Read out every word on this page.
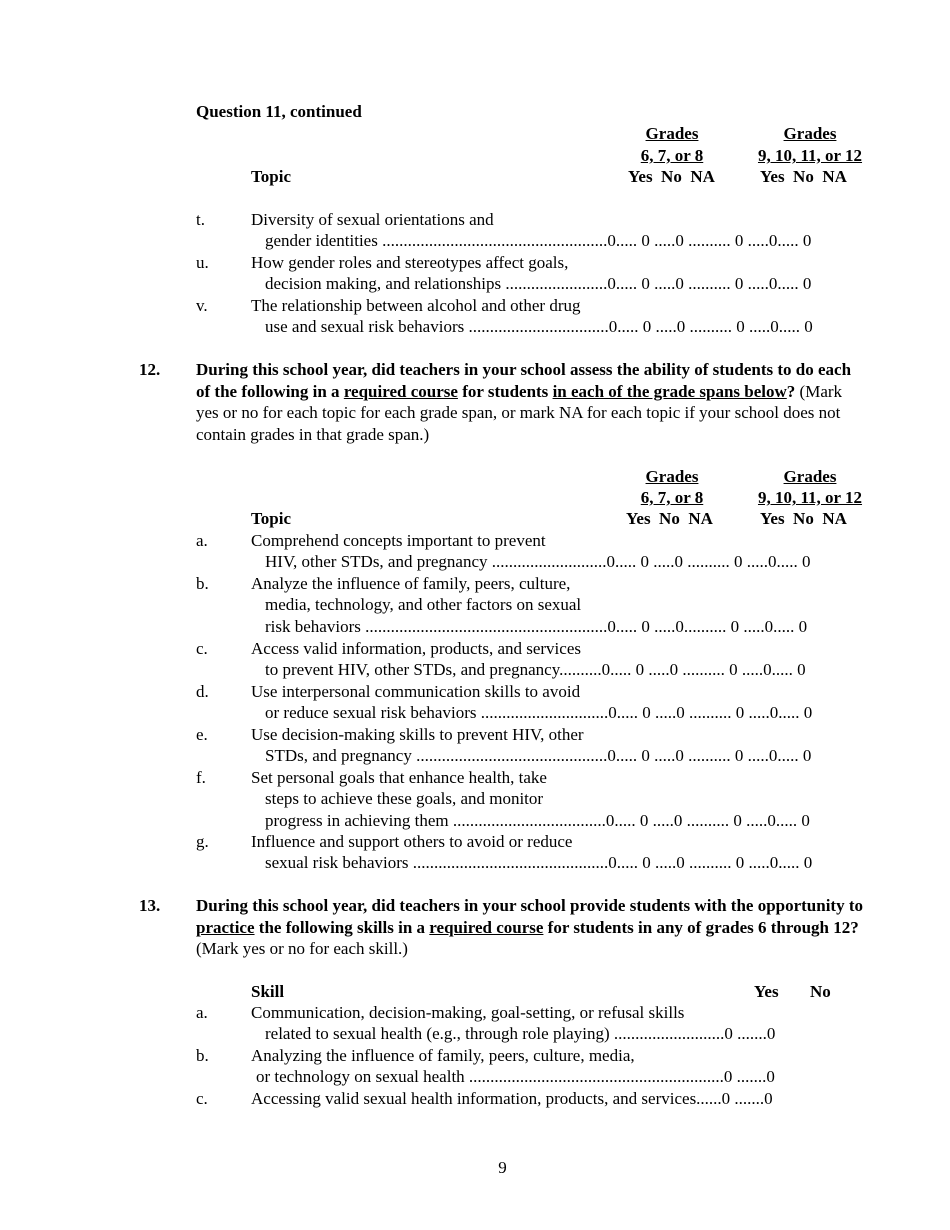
Question 11, continued
Grades
6, 7, or 8
Grades
9, 10, 11, or 12
Topic	Yes  No  NA	Yes  No  NA
t.	Diversity of sexual orientations and
gender identities .....................................................0..... 0 .....0 .......... 0 .....0..... 0
u. How gender roles and stereotypes affect goals,
decision making, and relationships ........................0..... 0 .....0 .......... 0 .....0..... 0
v.	The relationship between alcohol and other drug
use and sexual risk behaviors .................................0..... 0 .....0 .......... 0 .....0..... 0
12. During this school year, did teachers in your school assess the ability of students to do each of the following in a required course for students in each of the grade spans below? (Mark yes or no for each topic for each grade span, or mark NA for each topic if your school does not contain grades in that grade span.)
Grades
6, 7, or 8
Grades
9, 10, 11, or 12
Topic	Yes  No  NA	Yes  No  NA
a.	Comprehend concepts important to prevent
HIV, other STDs, and pregnancy ...........................0..... 0 .....0 .......... 0 .....0..... 0
b. Analyze the influence of family, peers, culture,
media, technology, and other factors on sexual
risk behaviors .........................................................0..... 0 .....0.......... 0 .....0..... 0
c.	Access valid information, products, and services
to prevent HIV, other STDs, and pregnancy..........0..... 0 .....0 .......... 0 .....0..... 0
d. Use interpersonal communication skills to avoid
or reduce sexual risk behaviors ..............................0..... 0 .....0 .......... 0 .....0..... 0
e.	Use decision-making skills to prevent HIV, other
STDs, and pregnancy .............................................0..... 0 .....0 .......... 0 .....0..... 0
f.	Set personal goals that enhance health, take
steps to achieve these goals, and monitor
progress in achieving them ....................................0..... 0 .....0 .......... 0 .....0..... 0
g. Influence and support others to avoid or reduce
sexual risk behaviors ..............................................0..... 0 .....0 .......... 0 .....0..... 0
13. During this school year, did teachers in your school provide students with the opportunity to practice the following skills in a required course for students in any of grades 6 through 12? (Mark yes or no for each skill.)
Skill	Yes No
a.	Communication, decision-making, goal-setting, or refusal skills
related to sexual health (e.g., through role playing) ..........................0 .......0
b. Analyzing the influence of family, peers, culture, media,
or technology on sexual health ............................................................0 .......0
c.	Accessing valid sexual health information, products, and services......0 .......0
9
